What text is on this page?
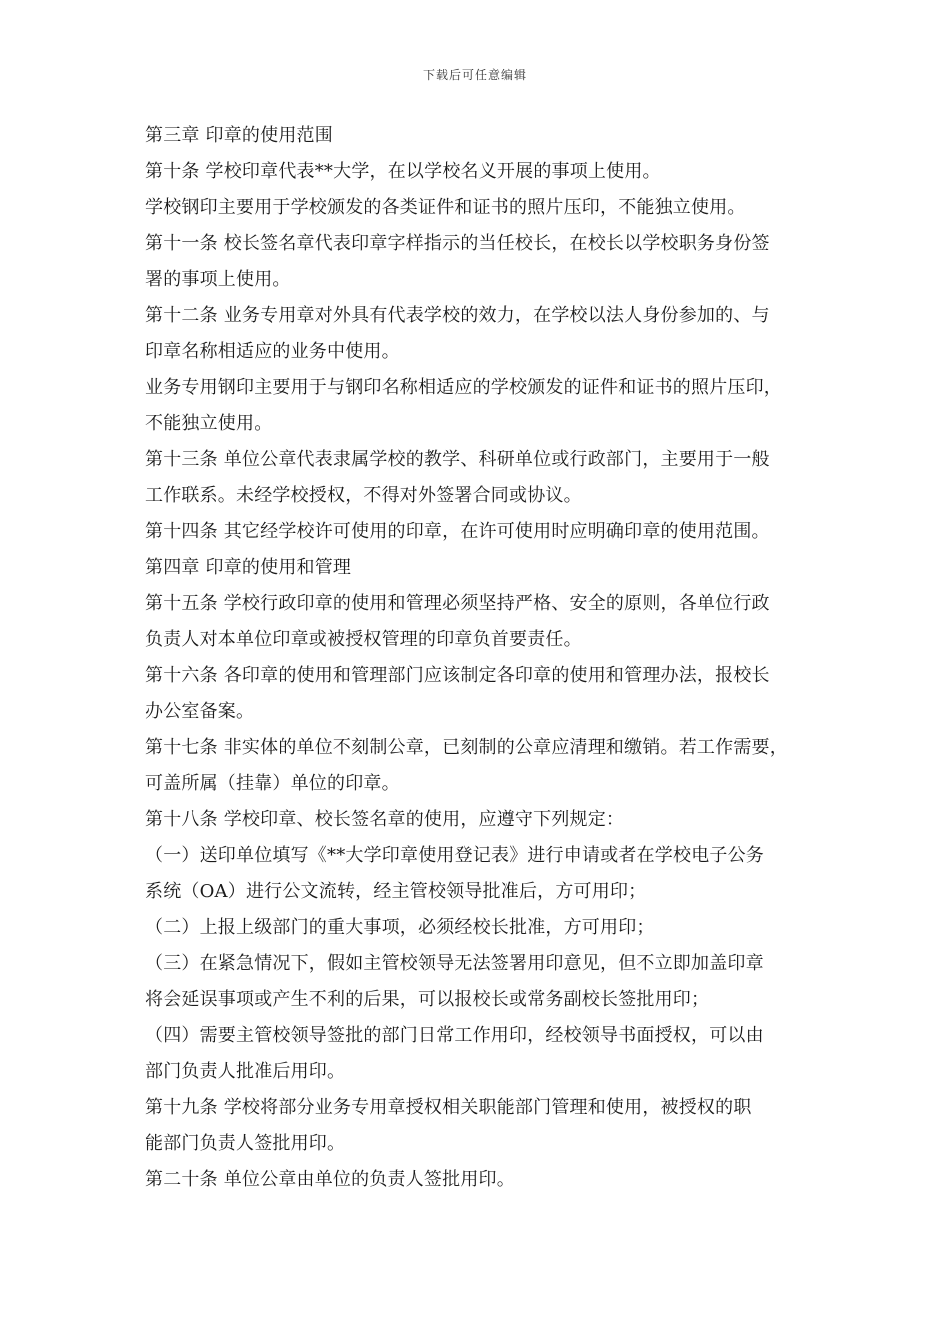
下载后可任意编辑
第三章 印章的使用范围
第十条 学校印章代表**大学，在以学校名义开展的事项上使用。
学校钢印主要用于学校颁发的各类证件和证书的照片压印，不能独立使用。
第十一条 校长签名章代表印章字样指示的当任校长，在校长以学校职务身份签
署的事项上使用。
第十二条 业务专用章对外具有代表学校的效力，在学校以法人身份参加的、与
印章名称相适应的业务中使用。
业务专用钢印主要用于与钢印名称相适应的学校颁发的证件和证书的照片压印，
不能独立使用。
第十三条 单位公章代表隶属学校的教学、科研单位或行政部门，主要用于一般
工作联系。未经学校授权，不得对外签署合同或协议。
第十四条 其它经学校许可使用的印章，在许可使用时应明确印章的使用范围。
第四章 印章的使用和管理
第十五条 学校行政印章的使用和管理必须坚持严格、安全的原则，各单位行政
负责人对本单位印章或被授权管理的印章负首要责任。
第十六条 各印章的使用和管理部门应该制定各印章的使用和管理办法，报校长
办公室备案。
第十七条 非实体的单位不刻制公章，已刻制的公章应清理和缴销。若工作需要，
可盖所属（挂靠）单位的印章。
第十八条 学校印章、校长签名章的使用，应遵守下列规定：
（一）送印单位填写《**大学印章使用登记表》进行申请或者在学校电子公务
系统（OA）进行公文流转，经主管校领导批准后，方可用印；
（二）上报上级部门的重大事项，必须经校长批准，方可用印；
（三）在紧急情况下，假如主管校领导无法签署用印意见，但不立即加盖印章
将会延误事项或产生不利的后果，可以报校长或常务副校长签批用印；
（四）需要主管校领导签批的部门日常工作用印，经校领导书面授权，可以由
部门负责人批准后用印。
第十九条 学校将部分业务专用章授权相关职能部门管理和使用，被授权的职
能部门负责人签批用印。
第二十条 单位公章由单位的负责人签批用印。
